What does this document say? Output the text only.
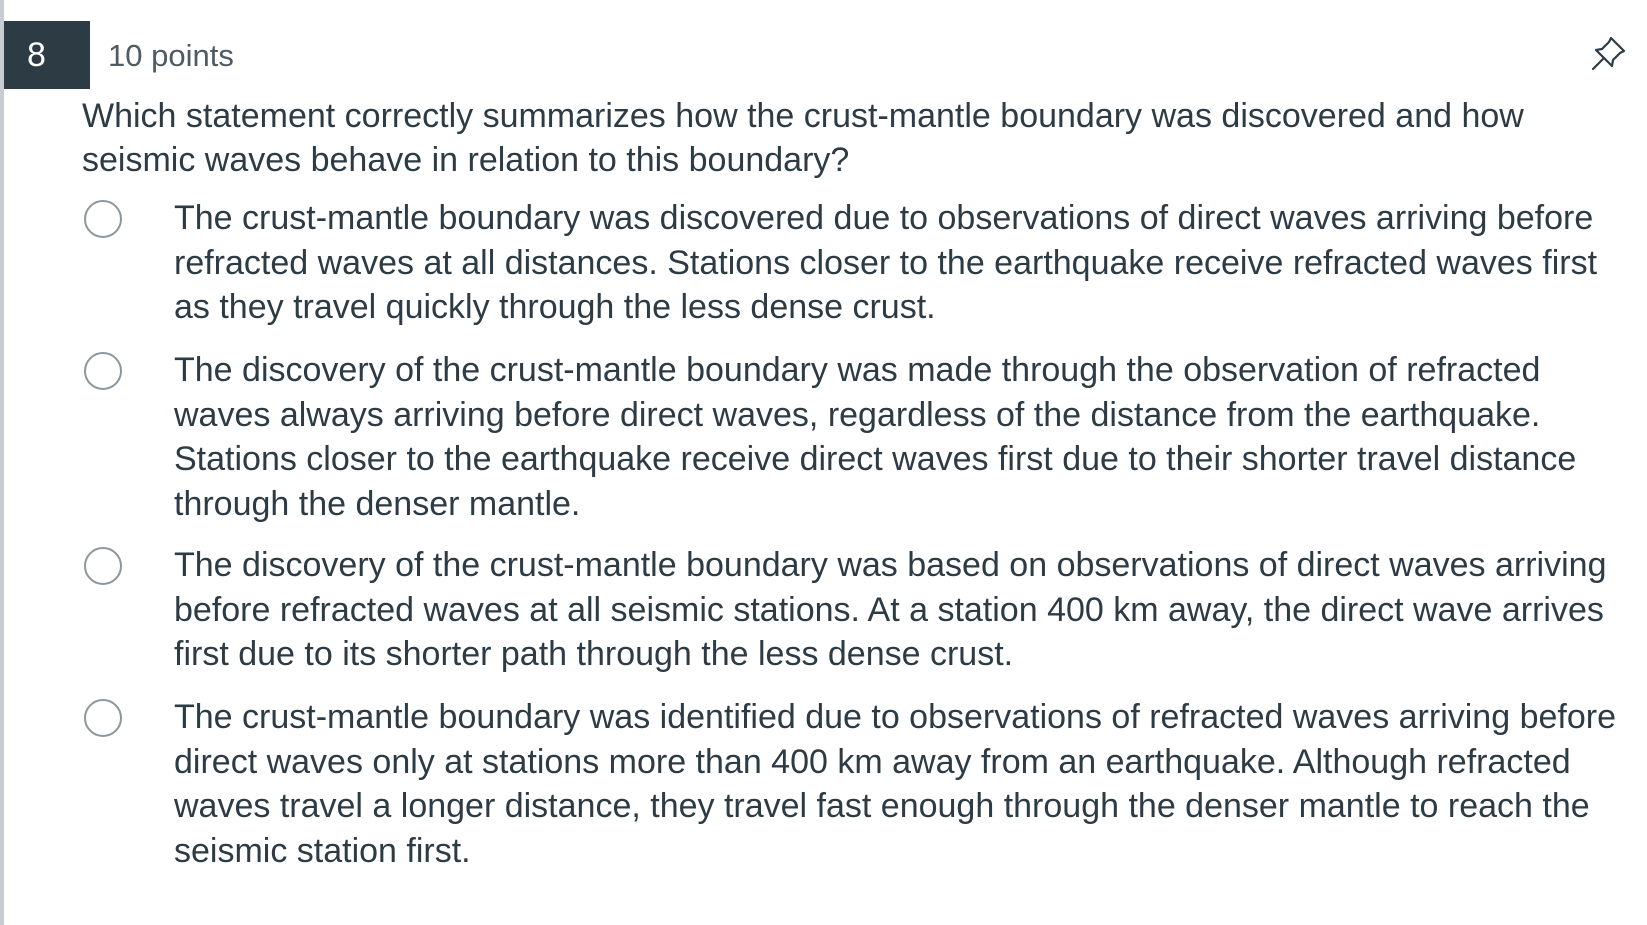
8	10 points

Which statement correctly summarizes how the crust-mantle boundary was discovered and how seismic waves behave in relation to this boundary?

The crust-mantle boundary was discovered due to observations of direct waves arriving before refracted waves at all distances. Stations closer to the earthquake receive refracted waves first as they travel quickly through the less dense crust.
The discovery of the crust-mantle boundary was made through the observation of refracted waves always arriving before direct waves, regardless of the distance from the earthquake. Stations closer to the earthquake receive direct waves first due to their shorter travel distance through the denser mantle.
The discovery of the crust-mantle boundary was based on observations of direct waves arriving before refracted waves at all seismic stations. At a station 400 km away, the direct wave arrives first due to its shorter path through the less dense crust.
The crust-mantle boundary was identified due to observations of refracted waves arriving before direct waves only at stations more than 400 km away from an earthquake. Although refracted waves travel a longer distance, they travel fast enough through the denser mantle to reach the seismic station first.
